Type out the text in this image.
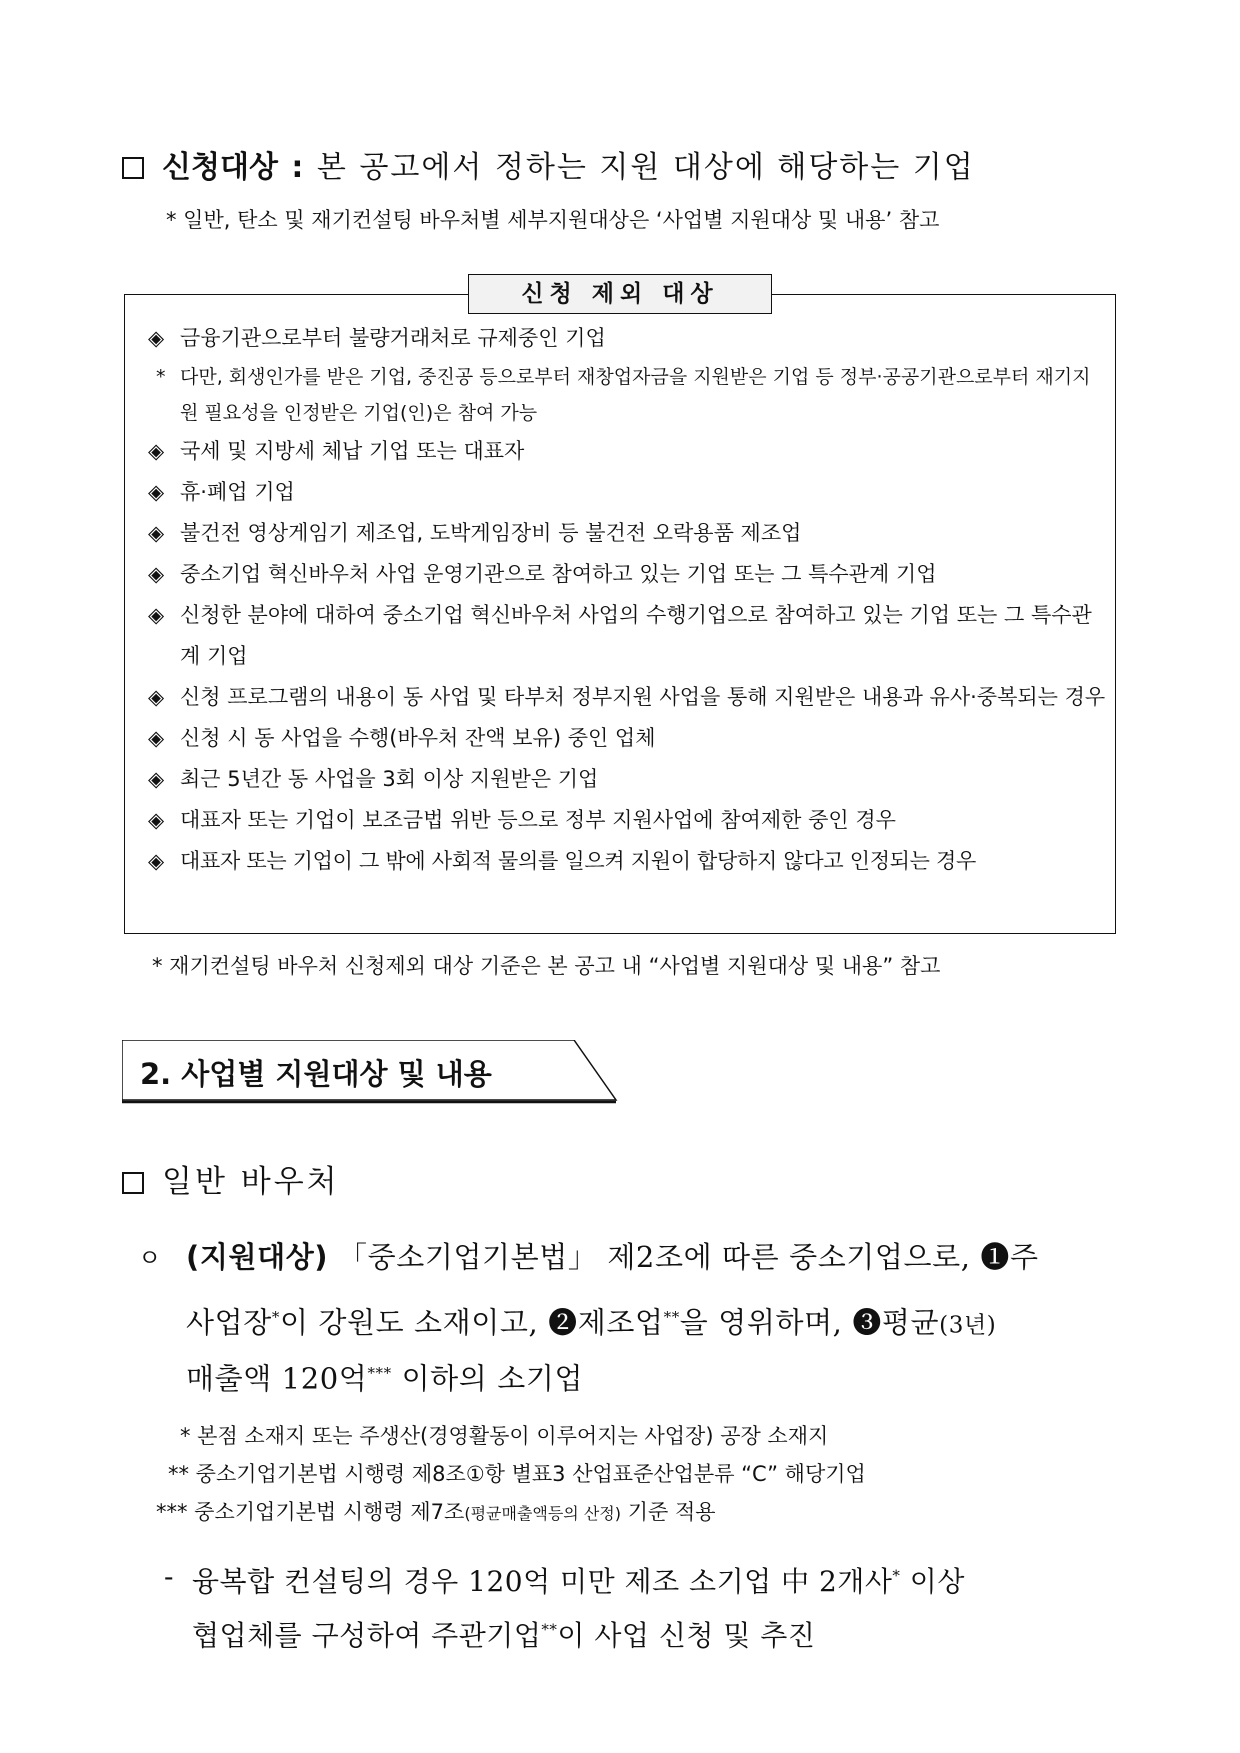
신청대상 : 본 공고에서 정하는 지원 대상에 해당하는 기업
* 일반, 탄소 및 재기컨설팅 바우처별 세부지원대상은 ‘사업별 지원대상 및 내용’ 참고
신청 제외 대상
◈ 금융기관으로부터 불량거래처로 규제중인 기업
* 다만, 회생인가를 받은 기업, 중진공 등으로부터 재창업자금을 지원받은 기업 등 정부·공공기관으로부터 재기지원 필요성을 인정받은 기업(인)은 참여 가능
◈ 국세 및 지방세 체납 기업 또는 대표자
◈ 휴·폐업 기업
◈ 불건전 영상게임기 제조업, 도박게임장비 등 불건전 오락용품 제조업
◈ 중소기업 혁신바우처 사업 운영기관으로 참여하고 있는 기업 또는 그 특수관계 기업
◈ 신청한 분야에 대하여 중소기업 혁신바우처 사업의 수행기업으로 참여하고 있는 기업 또는 그 특수관계 기업
◈ 신청 프로그램의 내용이 동 사업 및 타부처 정부지원 사업을 통해 지원받은 내용과 유사·중복되는 경우
◈ 신청 시 동 사업을 수행(바우처 잔액 보유) 중인 업체
◈ 최근 5년간 동 사업을 3회 이상 지원받은 기업
◈ 대표자 또는 기업이 보조금법 위반 등으로 정부 지원사업에 참여제한 중인 경우
◈ 대표자 또는 기업이 그 밖에 사회적 물의를 일으켜 지원이 합당하지 않다고 인정되는 경우
* 재기컨설팅 바우처 신청제외 대상 기준은 본 공고 내 “사업별 지원대상 및 내용” 참고
2. 사업별 지원대상 및 내용
일반 바우처
ㅇ (지원대상) 「중소기업기본법」 제2조에 따른 중소기업으로, ❶주
사업장*이 강원도 소재이고, ❷제조업**을 영위하며, ❸평균(3년)
매출액 120억*** 이하의 소기업
* 본점 소재지 또는 주생산(경영활동이 이루어지는 사업장) 공장 소재지
** 중소기업기본법 시행령 제8조①항 별표3 산업표준산업분류 “C” 해당기업
*** 중소기업기본법 시행령 제7조(평균매출액등의 산정) 기준 적용
- 융복합 컨설팅의 경우 120억 미만 제조 소기업 中 2개사* 이상
협업체를 구성하여 주관기업**이 사업 신청 및 추진
